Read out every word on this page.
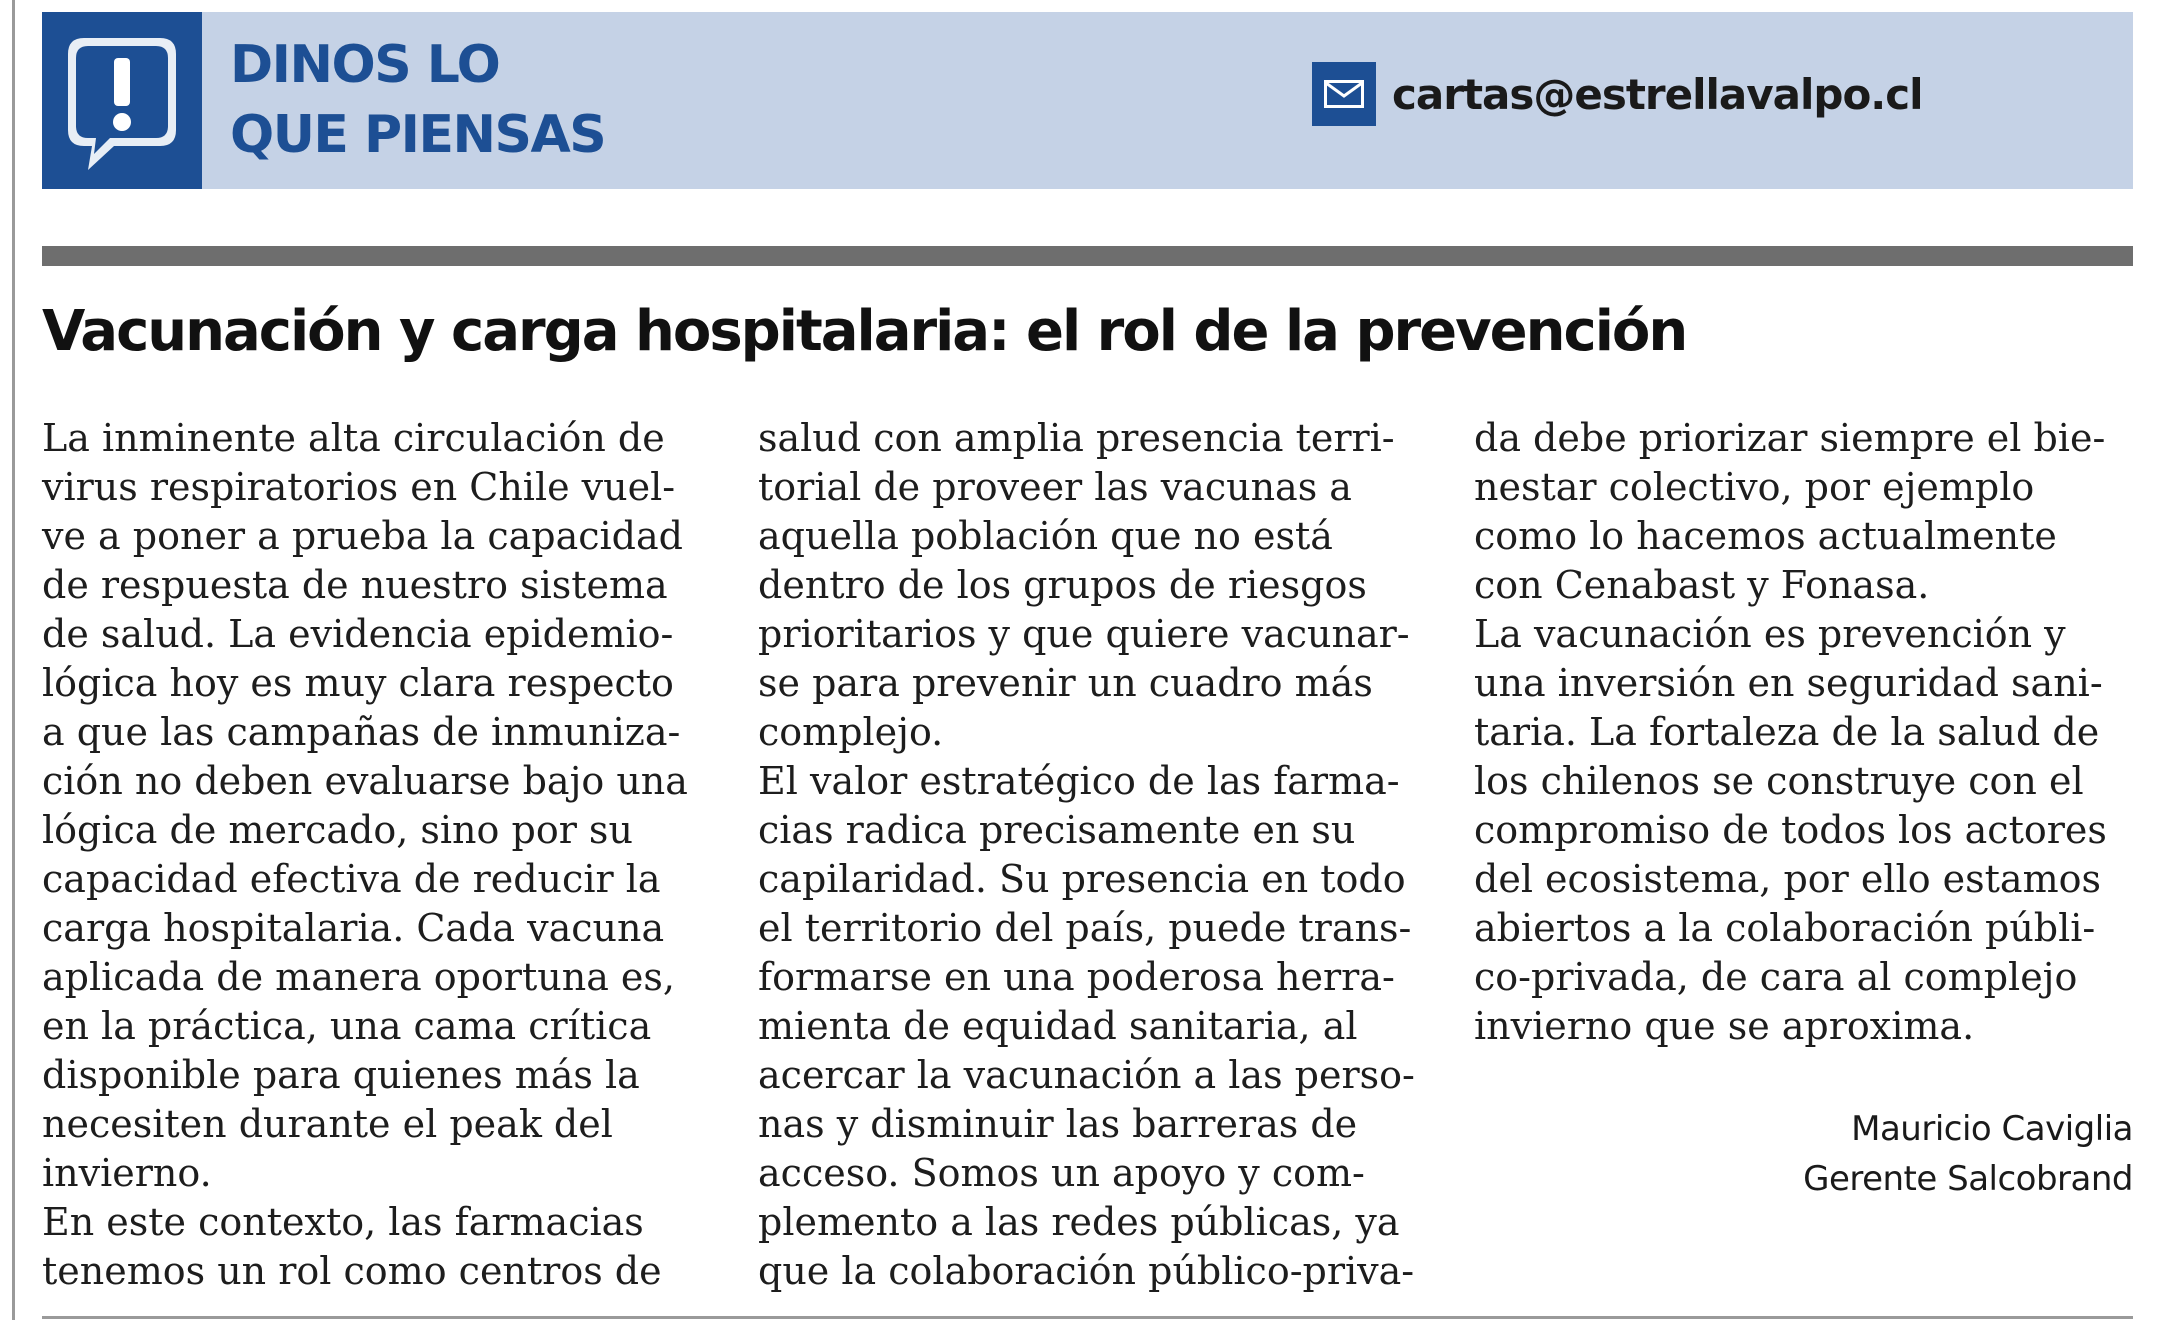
DINOS LO
QUE PIENSAS
cartas@estrellavalpo.cl
Vacunación y carga hospitalaria: el rol de la prevención
La inminente alta circulación de
virus respiratorios en Chile vuel-
ve a poner a prueba la capacidad
de respuesta de nuestro sistema
de salud. La evidencia epidemio-
lógica hoy es muy clara respecto
a que las campañas de inmuniza-
ción no deben evaluarse bajo una
lógica de mercado, sino por su
capacidad efectiva de reducir la
carga hospitalaria. Cada vacuna
aplicada de manera oportuna es,
en la práctica, una cama crítica
disponible para quienes más la
necesiten durante el peak del
invierno.
En este contexto, las farmacias
tenemos un rol como centros de
salud con amplia presencia terri-
torial de proveer las vacunas a
aquella población que no está
dentro de los grupos de riesgos
prioritarios y que quiere vacunar-
se para prevenir un cuadro más
complejo.
El valor estratégico de las farma-
cias radica precisamente en su
capilaridad. Su presencia en todo
el territorio del país, puede trans-
formarse en una poderosa herra-
mienta de equidad sanitaria, al
acercar la vacunación a las perso-
nas y disminuir las barreras de
acceso. Somos un apoyo y com-
plemento a las redes públicas, ya
que la colaboración público-priva-
da debe priorizar siempre el bie-
nestar colectivo, por ejemplo
como lo hacemos actualmente
con Cenabast y Fonasa.
La vacunación es prevención y
una inversión en seguridad sani-
taria. La fortaleza de la salud de
los chilenos se construye con el
compromiso de todos los actores
del ecosistema, por ello estamos
abiertos a la colaboración públi-
co-privada, de cara al complejo
invierno que se aproxima.
Mauricio Caviglia
Gerente Salcobrand
